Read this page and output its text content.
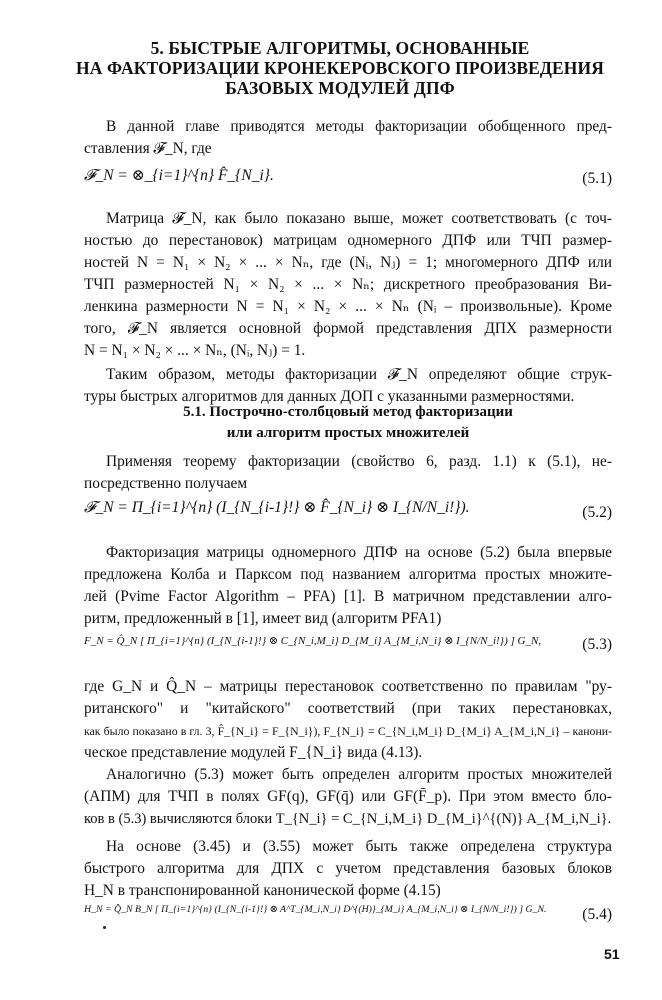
5. БЫСТРЫЕ АЛГОРИТМЫ, ОСНОВАННЫЕ
НА ФАКТОРИЗАЦИИ КРОНЕКЕРОВСКОГО ПРОИЗВЕДЕНИЯ
БАЗОВЫХ МОДУЛЕЙ ДПФ
В данной главе приводятся методы факторизации обобщенного пред-
ставления 𝓕_N, где
𝓕_N = ⊗_{i=1}^{n} F̂_{N_i}.	(5.1)
Матрица 𝓕_N, как было показано выше, может соответствовать (с точ-
ностью до перестановок) матрицам одномерного ДПФ или ТЧП размер-
ностей N = N₁ × N₂ × ... × Nₙ, где (Nᵢ, Nⱼ) = 1; многомерного ДПФ или
ТЧП размерностей N₁ × N₂ × ... × Nₙ; дискретного преобразования Ви-
ленкина размерности N = N₁ × N₂ × ... × Nₙ (Nᵢ – произвольные). Кроме
того, 𝓕_N является основной формой представления ДПХ размерности
N = N₁ × N₂ × ... × Nₙ, (Nᵢ, Nⱼ) = 1.
Таким образом, методы факторизации 𝓕_N определяют общие струк-
туры быстрых алгоритмов для данных ДОП с указанными размерностями.
5.1. Построчно-столбцовый метод факторизации
или алгоритм простых множителей
Применяя теорему факторизации (свойство 6, разд. 1.1) к (5.1), не-
посредственно получаем
𝓕_N = Π_{i=1}^{n} (I_{N_{i-1}!} ⊗ F̂_{N_i} ⊗ I_{N/N_i!}).	(5.2)
Факторизация матрицы одномерного ДПФ на основе (5.2) была впервые
предложена Колба и Парксом под названием алгоритма простых множите-
лей (Pvime Factor Algorithm – PFA) [1]. В матричном представлении алго-
ритм, предложенный в [1], имеет вид (алгоритм PFA1)
F_N = Q̂_N [ Π_{i=1}^{n} (I_{N_{i-1}!} ⊗ C_{N_i,M_i} D_{M_i} A_{M_i,N_i} ⊗ I_{N/N_i!}) ] G_N,	(5.3)
где G_N и Q̂_N – матрицы перестановок соответственно по правилам "ру-
ританского" и "китайского" соответствий (при таких перестановках,
как было показано в гл. 3, F̂_{N_i} = F_{N_i}), F_{N_i} = C_{N_i,M_i} D_{M_i} A_{M_i,N_i} – канони-
ческое представление модулей F_{N_i} вида (4.13).
Аналогично (5.3) может быть определен алгоритм простых множителей
(АПМ) для ТЧП в полях GF(q), GF(q̄) или GF(F̄_p). При этом вместо бло-
ков в (5.3) вычисляются блоки T_{N_i} = C_{N_i,M_i} D_{M_i}^{(N)} A_{M_i,N_i}.
На основе (3.45) и (3.55) может быть также определена структура
быстрого алгоритма для ДПХ с учетом представления базовых блоков
H_N в транспонированной канонической форме (4.15)
H_N = Q̂_N B_N [ Π_{i=1}^{n} (I_{N_{i-1}!} ⊗ A^T_{M_i,N_i} D^{(H)}_{M_i} A_{M_i,N_i} ⊗ I_{N/N_i!}) ] G_N. (5.4)
51
